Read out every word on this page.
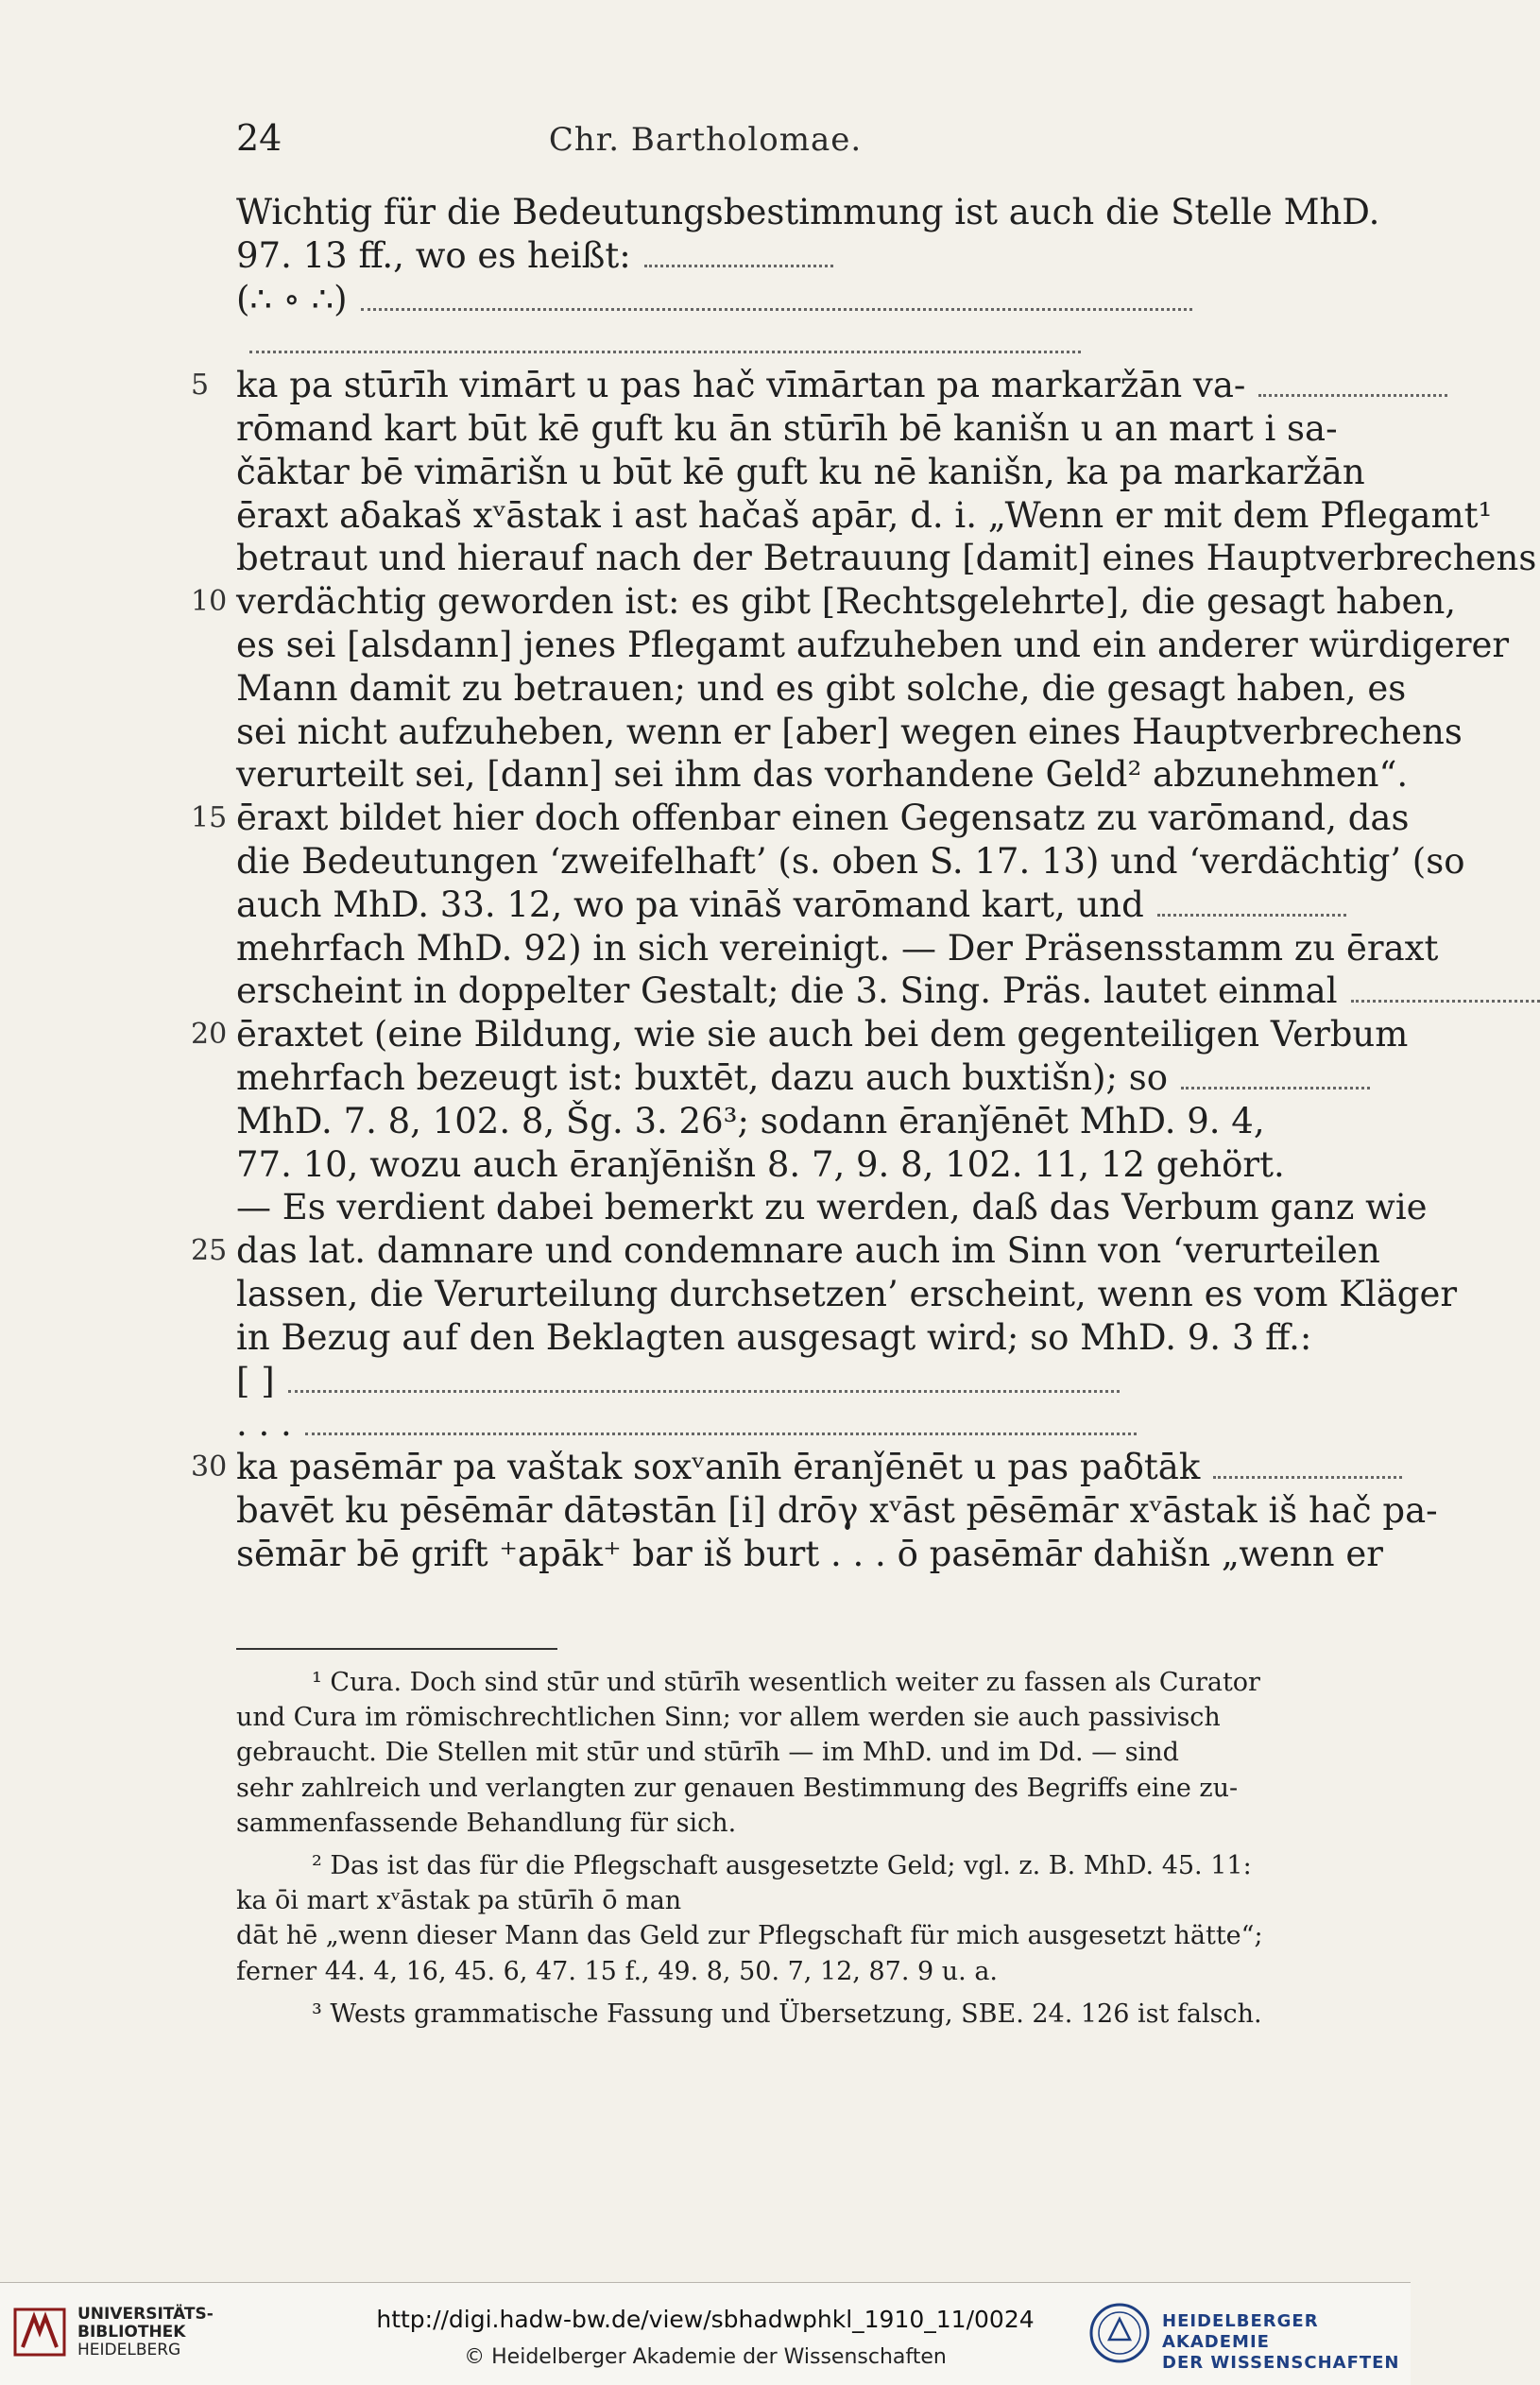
24	Chr. Bartholomae.
Wichtig für die Bedeutungsbestimmung ist auch die Stelle MhD.
97. 13 ff., wo es heißt:
(∴ ∘ ∴)
5 ka pa stūrīh vimārt u pas hač vīmārtan pa markaržān va-
rōmand kart būt kē guft ku ān stūrīh bē kanišn u an mart i sa-
čāktar bē vimārišn u būt kē guft ku nē kanišn, ka pa markaržān
ēraxt aδakaš xᵛāstak i ast hačaš apār, d. i. „Wenn er mit dem Pflegamt¹
betraut und hierauf nach der Betrauung [damit] eines Hauptverbrechens
10 verdächtig geworden ist: es gibt [Rechtsgelehrte], die gesagt haben,
es sei [alsdann] jenes Pflegamt aufzuheben und ein anderer würdigerer
Mann damit zu betrauen; und es gibt solche, die gesagt haben, es
sei nicht aufzuheben, wenn er [aber] wegen eines Hauptverbrechens
verurteilt sei, [dann] sei ihm das vorhandene Geld² abzunehmen“.
15 ēraxt bildet hier doch offenbar einen Gegensatz zu varōmand, das
die Bedeutungen ‘zweifelhaft’ (s. oben S. 17. 13) und ‘verdächtig’ (so
auch MhD. 33. 12, wo pa vināš varōmand kart, und
mehrfach MhD. 92) in sich vereinigt. — Der Präsensstamm zu ēraxt
erscheint in doppelter Gestalt; die 3. Sing. Präs. lautet einmal
20 ēraxtet (eine Bildung, wie sie auch bei dem gegenteiligen Verbum
mehrfach bezeugt ist: buxtēt, dazu auch buxtišn); so
MhD. 7. 8, 102. 8, Šg. 3. 26³; sodann ēranǰēnēt MhD. 9. 4,
77. 10, wozu auch ēranǰēnišn 8. 7, 9. 8, 102. 11, 12 gehört.
— Es verdient dabei bemerkt zu werden, daß das Verbum ganz wie
25 das lat. damnare und condemnare auch im Sinn von ‘verurteilen
lassen, die Verurteilung durchsetzen’ erscheint, wenn es vom Kläger
in Bezug auf den Beklagten ausgesagt wird; so MhD. 9. 3 ff.:
[ ]
. . .
30 ka pasēmār pa vaštak soxᵛanīh ēranǰēnēt u pas paδtāk
bavēt ku pēsēmār dātəstān [i] drōγ xᵛāst pēsēmār xᵛāstak iš hač pa-
sēmār bē grift ⁺apāk⁺ bar iš burt . . . ō pasēmār dahišn „wenn er
¹ Cura. Doch sind stūr und stūrīh wesentlich weiter zu fassen als Curator
und Cura im römischrechtlichen Sinn; vor allem werden sie auch passivisch
gebraucht. Die Stellen mit stūr und stūrīh — im MhD. und im Dd. — sind
sehr zahlreich und verlangten zur genauen Bestimmung des Begriffs eine zu-
sammenfassende Behandlung für sich.
² Das ist das für die Pflegschaft ausgesetzte Geld; vgl. z. B. MhD. 45. 11:
ka ōi mart xᵛāstak pa stūrīh ō man
dāt hē „wenn dieser Mann das Geld zur Pflegschaft für mich ausgesetzt hätte“;
ferner 44. 4, 16, 45. 6, 47. 15 f., 49. 8, 50. 7, 12, 87. 9 u. a.
³ Wests grammatische Fassung und Übersetzung, SBE. 24. 126 ist falsch.
UNIVERSITÄTS-
BIBLIOTHEK
HEIDELBERG
http://digi.hadw-bw.de/view/sbhadwphkl_1910_11/0024
© Heidelberger Akademie der Wissenschaften
HEIDELBERGER AKADEMIE
DER WISSENSCHAFTEN
